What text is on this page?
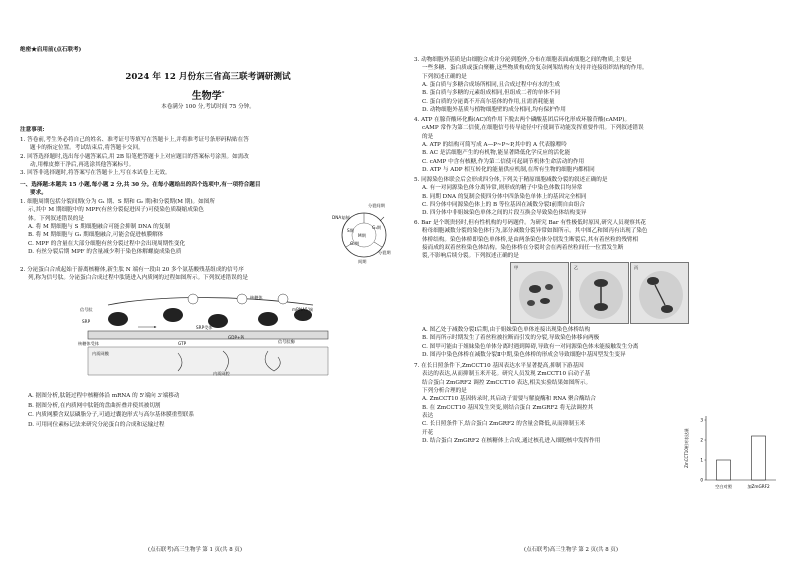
绝密★启用前(点石联考)
2024 年 12 月份东三省高三联考调研测试
生物学*
本卷满分 100 分,考试时间 75 分钟。
注意事项:
1. 答卷前,考生务必将自己的姓名、准考证号等填写在答题卡上,并将准考证号条形码粘贴在答
题卡的指定位置。考试结束后,将答题卡交回。
2. 回答选择题时,选出每小题答案后,用 2B 铅笔把答题卡上对应题目的答案标号涂黑。如需改
动,用橡皮擦干净后,再选涂其他答案标号。
3. 回答非选择题时,将答案写在答题卡上,写在本试卷上无效。
一、选择题:本题共 15 小题,每小题 2 分,共 30 分。在每小题给出的四个选项中,有一项符合题目
要求。
1. 细胞周期包括分裂间期(分为 G₁ 期、S 期和 G₂ 期)和分裂期(M 期)。如图所
示,其中 M 期细胞中的 MPF(有丝分裂促进因子)可使染色质凝缩成染色
体。下列叙述错误的是
A. 将 M 期细胞与 S 期细胞融合可能会抑制 DNA 的复制
B. 将 M 期细胞与 G₁ 期细胞融合,可能会促进核膜解体
C. MPF 的含量在大部分细胞有丝分裂过程中会出现周期性变化
D. 有丝分裂后期 MPF 的含量减少利于染色体解螺旋成染色质
分裂间期
S期
G₁期
G₂期
M期
DNA复制
分裂期
间期
2. 分泌蛋白合成起始于游离核糖体,新生肽 N 端有一段由 20 多个氨基酸残基组成的信号序
列,称为信号肽。分泌蛋白合成过程中肽链进入内质网的过程如图所示。下列叙述错误的是
信号肽
核糖体
mRNA5'端
SRP
SRP受体
核糖体受体
内质网膜
GTP
GDP+Pi
信号肽酶
内质网腔
A. 据图分析,肽链过程中核糖体沿 mRNA 的 5'端向 3'端移动
B. 据图分析,在内质网中肽链的盘曲折叠并使其被切割
C. 内质网膜含双层磷脂分子,可通过囊泡形式与高尔基体膜重塑联系
D. 可用同位素标记法来研究分泌蛋白的合成和运输过程
(点石联考)高三生物学 第 1 页(共 8 页)
3. 动物细胞外基质是由细胞合成并分泌到胞外,分布在细胞表面或细胞之间的物质,主要是
一些多糖、蛋白质或蛋白聚糖,这些物质构成的复杂网架结构有支持并连接组织结构的作用。
下列叙述正确的是
A. 蛋白质与多糖合成场所相同,且合成过程中有水的生成
B. 蛋白质与多糖的元素组成相同,但组成二者的单体不同
C. 蛋白质的分泌离不开高尔基体的作用,且需消耗能量
D. 动物细胞外基质与植物细胞壁的成分相同,均有保护作用
4. ATP 在腺苷酸环化酶(AC)的作用下脱去两个磷酸基团后环化形成环腺苷酸(cAMP)。
cAMP 常作为第二信使,在细胞信号传导途径中行使调节功能发挥重要作用。下列叙述错误
的是
A. ATP 的结构可简写成 A—P~P~P,其中的 A 代表腺嘌呤
B. AC 是活细胞产生的有机物,能显著降低化学反应的活化能
C. cAMP 中含有核糖,作为第二信使可起调节机体生命活动的作用
D. ATP 与 ADP 相互转化的能量供应机制,在所有生物的细胞内都相同
5. 同源染色体联会后会形成四分体,下列关于精原细胞减数分裂的叙述正确的是
A. 有一对同源染色体分离异常,则形成的精子中染色体数目均异常
B. 同期 DNA 的复制会使四分体中四条染色单体上的基因完全相同
C. 四分体中同源染色体上的 B 等位基因在减数分裂Ⅰ前期自由组合
D. 四分体中非姐妹染色单体之间的片段互换会导致染色体结构变异
6. Bar 是个既贵轻时,但有性机构的号码题件。为研究 Bar 有性极低时原因,研究人员观察其花
粉母细胞减数分裂的染色体行为,部分减数分裂异常如图所示。其中图乙和图丙有出现了染色
体桥结构。染色体桥即染色单体桥,是由两条染色体分别发生断裂后,其有着丝粒的残臂相
接而成的双着丝粒染色体结构。染色体桥在分裂时会在两着丝粒间任一位置发生断
裂,不影响后续分裂。下列叙述正确的是
甲	乙	丙
A. 图乙处于减数分裂Ⅰ后期,由于姐妹染色单体连接出现染色体桥结构
B. 图丙所示时期发生了着丝粒被拉断而引发的分裂,导致染色体移向两极
C. 图甲可能由于姐妹染色单体分离时遇到障碍,导致有一对同源染色体未能接触发生分离
D. 图丙中染色体桥在减数分裂Ⅱ中期,染色体桥的形成会导致细胞中基因型发生变异
7. 在长日照条件下,ZmCCT10 基因表达水平显著提高,抑制下游基因
表达的表达,从而抑制玉米开花。研究人员发现 ZmCCT10 启动子基
结合蛋白 ZmGRF2 调控 ZmCCT10 表达,相关实验结果如图所示。
下列分析合理的是
A. ZmCCT10 基因转录时,其启动子需要与解旋酶和 RNA 聚合酶结合
B. 在 ZmCCT10 基因发生突变,则结合蛋白 ZmGRF2 将无法调控其
表达
C. 长日照条件下,结合蛋白 ZmGRF2 的含量会降低,从而抑制玉米
开花
D. 结合蛋白 ZmGRF2 在核糖体上合成,通过核孔进入细胞核中发挥作用
0
1
2
3
空白对照	加ZmGRF2
ZmCCT10相对表达量
(点石联考)高三生物学 第 2 页(共 8 页)
